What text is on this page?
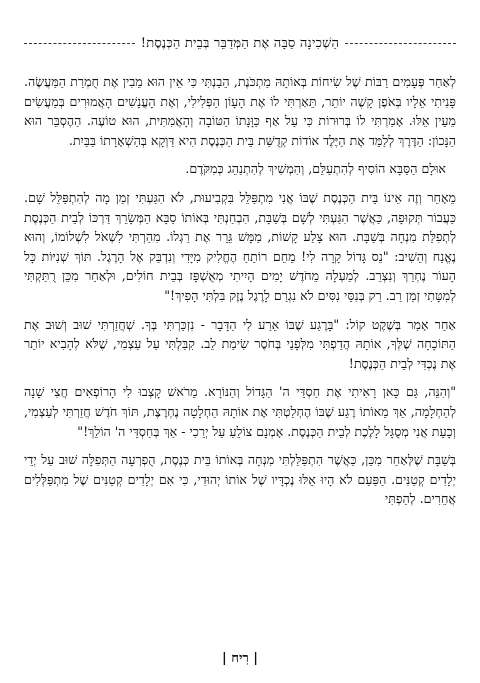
הַשְׁכִינָה סַבָּה אֶת הַמְּדַבֵּר בְּבֵית הַכְּנֶסֶת!

לְאַחַר פְּעָמִים רַבּוֹת שֶׁל שִׂיחוֹת בְּאוֹתָהּ מַתְכֹּנֶת, הֵבַנְתִּי כִּי אֵין הוּא מֵבִין אֶת חֻמְרַת הַמַּעֲשֶׂה. פָּנִיתִי אֵלָיו בְּאֹפֶן קָשֶׁה יוֹתֵר, תֵּאַרְתִּי לוֹ אֶת הָעָוֹן הַפְּלִילִי, וְאֶת הָעֳנָשִׁים הָאֲמוּרִים בְּמַעֲשִׂים מֵעֵין אֵלּוּ. אָמַרְתִּי לוֹ בְּרוּרוֹת כִּי עַל אַף כַּוָּנָתוֹ הַטּוֹבָה וְהָאֲמִתִּית, הוּא טוֹעֶה. הַהֶסְבֵּר הוּא הַנָּכוֹן: הַדֶּרֶךְ לְלַמֵּד אֶת הַיֶּלֶד אוֹדוֹת קְדֻשַּׁת בֵּית הַכְּנֶסֶת הִיא דַּוְקָא בְּהַשְׁאָרָתוֹ בַּבַּיִת.

אוּלָם הַסַּבָּא הוֹסִיף לְהִתְעַלֵּם, וְהִמְשִׁיךְ לְהִתְנַהֵג כְּמִקֹּדֶם.

מֵאָחֵר וְזֶה אֵינוֹ בֵּית הַכְּנֶסֶת שֶׁבּוֹ אֲנִי מִתְפַּלֵּל בִּקְבִיעוּת, לֹא הִגַּעְתִּי זְמַן מָה לְהִתְפַּלֵּל שָׁם. כַּעֲבוֹר תְּקוּפָה, כַּאֲשֶׁר הִגַּעְתִּי לְשָׁם בְּשַׁבָּת, הִבְחַנְתִּי בְּאוֹתוֹ סַבָּא הַמְּשָׂרֵךְ דַּרְכּוֹ לְבֵית הַכְּנֶסֶת לְתְפִלַּת מִנְחָה בְּשַׁבָּת. הוּא צָלַע קָשׁוֹת, מַמָּשׁ גֵּרֵר אֶת רַגְלוֹ. מִהַרְתִּי לִשְׁאֹל לִשְׁלוֹמוֹ, וְהוּא נֶאֱנַח וְהֵשִׁיב: "נֵס גָּדוֹל קָרָה לִי! מֵחֵם רוֹתֵחַ הֶחֱלִיק מִיָּדִי וְנִדְבַּק אֶל הָרֶגֶל. תּוֹךְ שְׁנִיּוֹת כָּל הָעוֹר נֶחְרַךְ וְנִצְרַב. לְמַעְלָה מֵחֹדֶשׁ יָמִים הָיִיתִי מְאֻשְׁפָּז בְּבֵית חוֹלִים, וּלְאַחַר מִכֵּן רֻתַּקְתִּי לְמִטָּתִי זְמַן רַב. רַק בְּנִסֵּי נִסִּים לֹא נִגְרַם לָרֶגֶל נֶזֶק בִּלְתִּי הָפִיךְ!"

אַחַר אָמַר בְּשֶׁקֶט קוֹל: "בָּרֶגַע שֶׁבּוֹ אֵרַע לִי הַדָּבָר - נִזְכַּרְתִּי בְּךָ. שְׁחֲזַרְתִּי שׁוּב וְשׁוּב אֶת הַתּוֹכָחָה שֶׁלְּךָ, אוֹתָהּ הֲדַפְתִּי מִלְּפָנַי בְּחֹסֶר שִׂימַת לֵב. קִבַּלְתִּי עַל עַצְמִי, שֶׁלֹּא לְהָבִיא יוֹתֵר אֶת נֶכְדִּי לְבֵית הַכְּנֶסֶת!

"וְהִנֵּה, גַּם כָּאן רָאִיתִי אֶת חַסְדֵּי ה' הַגָּדוֹל וְהַנּוֹרָא. מֵרֹאשׁ קָצְבוּ לִי הָרוֹפְאִים חֲצִי שָׁנָה לְהַחְלָמָה, אַךְ מֵאוֹתוֹ רֶגַע שֶׁבּוֹ הֶחְלַטְתִּי אֶת אוֹתָהּ הַחְלָטָה נֶחְרֶצֶת, תּוֹךְ חֹדֶשׁ חֲזַרְתִּי לְעַצְמִי, וְכָעֵת אֲנִי מְסֻגָּל לָלֶכֶת לְבֵית הַכְּנֶסֶת. אָמְנָם צוֹלֵעַ עַל יְרֵכִי - אַךְ בְּחַסְדֵּי ה' הוֹלֵךְ!"

בְּשַׁבָּת שֶׁלְּאַחַר מִכֵּן, כַּאֲשֶׁר הִתְפַּלַּלְתִּי מִנְחָה בְּאוֹתוֹ בֵּית כְּנֶסֶת, הֻפְרְעָה הַתְּפִלָּה שׁוּב עַל יְדֵי יְלָדִים קְטַנִּים. הַפַּעַם לֹא הָיוּ אֵלּוּ נֶכְדָּיו שֶׁל אוֹתוֹ יְהוּדִי, כִּי אִם יְלָדִים קְטַנִּים שֶׁל מִתְפַּלְּלִים אֲחֵרִים. לְהַפְתִּי

| רִיח |
